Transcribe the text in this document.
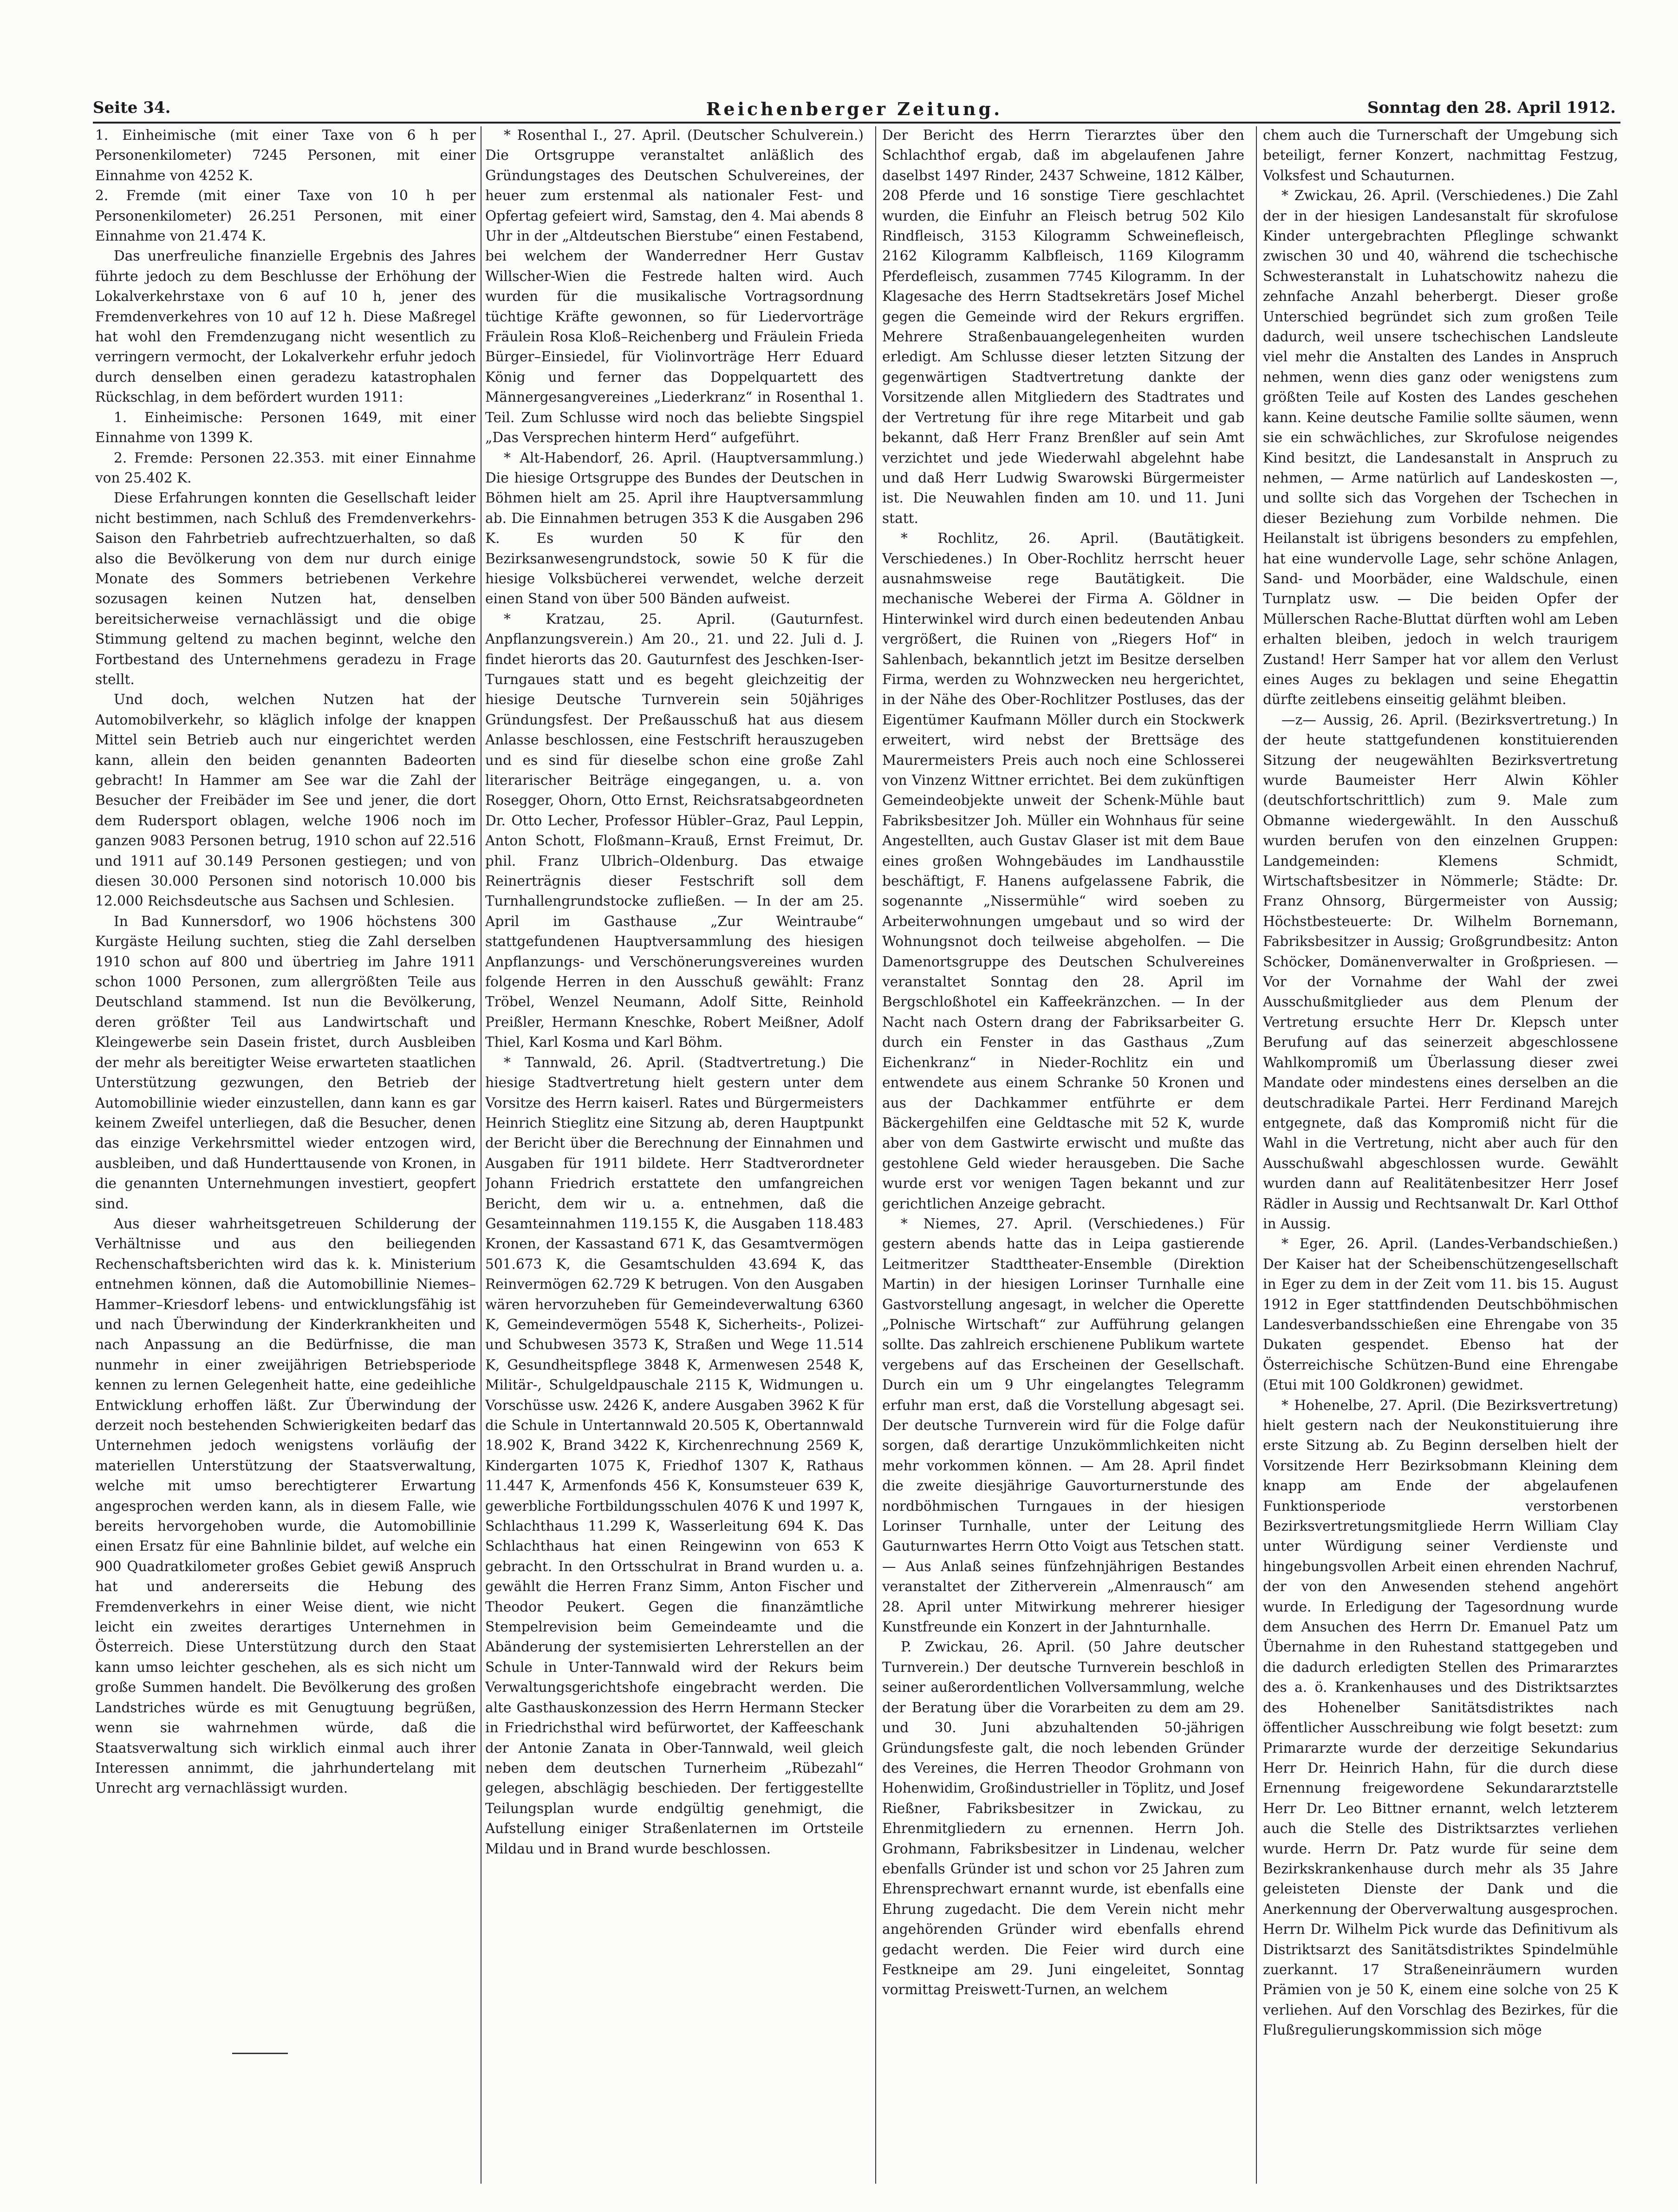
Seite 34.	Reichenberger Zeitung.	Sonntag den 28. April 1912.

1. Einheimische (mit einer Taxe von 6 h per Personenkilometer) 7245 Personen, mit einer Einnahme von 4252 K.

2. Fremde (mit einer Taxe von 10 h per Personenkilometer) 26.251 Personen, mit einer Einnahme von 21.474 K.

Das unerfreuliche finanzielle Ergebnis des Jahres führte jedoch zu dem Beschlusse der Erhöhung der Lokalverkehrstaxe von 6 auf 10 h, jener des Fremdenverkehres von 10 auf 12 h. Diese Maßregel hat wohl den Fremdenzugang nicht wesentlich zu verringern vermocht, der Lokalverkehr erfuhr jedoch durch denselben einen geradezu katastrophalen Rückschlag, in dem befördert wurden 1911:

1. Einheimische: Personen 1649, mit einer Einnahme von 1399 K.

2. Fremde: Personen 22.353. mit einer Einnahme von 25.402 K.

Diese Erfahrungen konnten die Gesellschaft leider nicht bestimmen, nach Schluß des Fremdenverkehrs-Saison den Fahrbetrieb aufrechtzuerhalten, so daß also die Bevölkerung von dem nur durch einige Monate des Sommers betriebenen Verkehre sozusagen keinen Nutzen hat, denselben bereitsicherweise vernachlässigt und die obige Stimmung geltend zu machen beginnt, welche den Fortbestand des Unternehmens geradezu in Frage stellt.

Und doch, welchen Nutzen hat der Automobilverkehr, so kläglich infolge der knappen Mittel sein Betrieb auch nur eingerichtet werden kann, allein den beiden genannten Badeorten gebracht! In Hammer am See war die Zahl der Besucher der Freibäder im See und jener, die dort dem Rudersport oblagen, welche 1906 noch im ganzen 9083 Personen betrug, 1910 schon auf 22.516 und 1911 auf 30.149 Personen gestiegen; und von diesen 30.000 Personen sind notorisch 10.000 bis 12.000 Reichsdeutsche aus Sachsen und Schlesien.

In Bad Kunnersdorf, wo 1906 höchstens 300 Kurgäste Heilung suchten, stieg die Zahl derselben 1910 schon auf 800 und übertrieg im Jahre 1911 schon 1000 Personen, zum allergrößten Teile aus Deutschland stammend. Ist nun die Bevölkerung, deren größter Teil aus Landwirtschaft und Kleingewerbe sein Dasein fristet, durch Ausbleiben der mehr als bereitigter Weise erwarteten staatlichen Unterstützung gezwungen, den Betrieb der Automobillinie wieder einzustellen, dann kann es gar keinem Zweifel unterliegen, daß die Besucher, denen das einzige Verkehrsmittel wieder entzogen wird, ausbleiben, und daß Hunderttausende von Kronen, in die genannten Unternehmungen investiert, geopfert sind.

Aus dieser wahrheitsgetreuen Schilderung der Verhältnisse und aus den beiliegenden Rechenschaftsberichten wird das k. k. Ministerium entnehmen können, daß die Automobillinie Niemes–Hammer–Kriesdorf lebens- und entwicklungsfähig ist und nach Überwindung der Kinderkrankheiten und nach Anpassung an die Bedürfnisse, die man nunmehr in einer zweijährigen Betriebsperiode kennen zu lernen Gelegenheit hatte, eine gedeihliche Entwicklung erhoffen läßt. Zur Überwindung der derzeit noch bestehenden Schwierigkeiten bedarf das Unternehmen jedoch wenigstens vorläufig der materiellen Unterstützung der Staatsverwaltung, welche mit umso berechtigterer Erwartung angesprochen werden kann, als in diesem Falle, wie bereits hervorgehoben wurde, die Automobillinie einen Ersatz für eine Bahnlinie bildet, auf welche ein 900 Quadratkilometer großes Gebiet gewiß Anspruch hat und andererseits die Hebung des Fremdenverkehrs in einer Weise dient, wie nicht leicht ein zweites derartiges Unternehmen in Österreich. Diese Unterstützung durch den Staat kann umso leichter geschehen, als es sich nicht um große Summen handelt. Die Bevölkerung des großen Landstriches würde es mit Genugtuung begrüßen, wenn sie wahrnehmen würde, daß die Staatsverwaltung sich wirklich einmal auch ihrer Interessen annimmt, die jahrhundertelang mit Unrecht arg vernachlässigt wurden.

* Rosenthal I., 27. April. (Deutscher Schulverein.) Die Ortsgruppe veranstaltet anläßlich des Gründungstages des Deutschen Schulvereines, der heuer zum erstenmal als nationaler Fest- und Opfertag gefeiert wird, Samstag, den 4. Mai abends 8 Uhr in der „Altdeutschen Bierstube“ einen Festabend, bei welchem der Wanderredner Herr Gustav Willscher-Wien die Festrede halten wird. Auch wurden für die musikalische Vortragsordnung tüchtige Kräfte gewonnen, so für Liedervorträge Fräulein Rosa Kloß–Reichenberg und Fräulein Frieda Bürger–Einsiedel, für Violinvorträge Herr Eduard König und ferner das Doppelquartett des Männergesangvereines „Liederkranz“ in Rosenthal 1. Teil. Zum Schlusse wird noch das beliebte Singspiel „Das Versprechen hinterm Herd“ aufgeführt.

* Alt-Habendorf, 26. April. (Hauptversammlung.) Die hiesige Ortsgruppe des Bundes der Deutschen in Böhmen hielt am 25. April ihre Hauptversammlung ab. Die Einnahmen betrugen 353 K die Ausgaben 296 K. Es wurden 50 K für den Bezirksanwesengrundstock, sowie 50 K für die hiesige Volksbücherei verwendet, welche derzeit einen Stand von über 500 Bänden aufweist.

* Kratzau, 25. April. (Gauturnfest. Anpflanzungsverein.) Am 20., 21. und 22. Juli d. J. findet hierorts das 20. Gauturnfest des Jeschken-Iser-Turngaues statt und es begeht gleichzeitig der hiesige Deutsche Turnverein sein 50jähriges Gründungsfest. Der Preßausschuß hat aus diesem Anlasse beschlossen, eine Festschrift herauszugeben und es sind für dieselbe schon eine große Zahl literarischer Beiträge eingegangen, u. a. von Rosegger, Ohorn, Otto Ernst, Reichsratsabgeordneten Dr. Otto Lecher, Professor Hübler–Graz, Paul Leppin, Anton Schott, Floßmann–Krauß, Ernst Freimut, Dr. phil. Franz Ulbrich–Oldenburg. Das etwaige Reinerträgnis dieser Festschrift soll dem Turnhallengrundstocke zufließen. — In der am 25. April im Gasthause „Zur Weintraube“ stattgefundenen Hauptversammlung des hiesigen Anpflanzungs- und Verschönerungsvereines wurden folgende Herren in den Ausschuß gewählt: Franz Tröbel, Wenzel Neumann, Adolf Sitte, Reinhold Preißler, Hermann Kneschke, Robert Meißner, Adolf Thiel, Karl Kosma und Karl Böhm.

* Tannwald, 26. April. (Stadtvertretung.) Die hiesige Stadtvertretung hielt gestern unter dem Vorsitze des Herrn kaiserl. Rates und Bürgermeisters Heinrich Stieglitz eine Sitzung ab, deren Hauptpunkt der Bericht über die Berechnung der Einnahmen und Ausgaben für 1911 bildete. Herr Stadtverordneter Johann Friedrich erstattete den umfangreichen Bericht, dem wir u. a. entnehmen, daß die Gesamteinnahmen 119.155 K, die Ausgaben 118.483 Kronen, der Kassastand 671 K, das Gesamtvermögen 501.673 K, die Gesamtschulden 43.694 K, das Reinvermögen 62.729 K betrugen. Von den Ausgaben wären hervorzuheben für Gemeindeverwaltung 6360 K, Gemeindevermögen 5548 K, Sicherheits-, Polizei- und Schubwesen 3573 K, Straßen und Wege 11.514 K, Gesundheitspflege 3848 K, Armenwesen 2548 K, Militär-, Schulgeldpauschale 2115 K, Widmungen u. Vorschüsse usw. 2426 K, andere Ausgaben 3962 K für die Schule in Untertannwald 20.505 K, Obertannwald 18.902 K, Brand 3422 K, Kirchenrechnung 2569 K, Kindergarten 1075 K, Friedhof 1307 K, Rathaus 11.447 K, Armenfonds 456 K, Konsumsteuer 639 K, gewerbliche Fortbildungsschulen 4076 K und 1997 K, Schlachthaus 11.299 K, Wasserleitung 694 K. Das Schlachthaus hat einen Reingewinn von 653 K gebracht. In den Ortsschulrat in Brand wurden u. a. gewählt die Herren Franz Simm, Anton Fischer und Theodor Peukert. Gegen die finanzämtliche Stempelrevision beim Gemeindeamte und die Abänderung der systemisierten Lehrerstellen an der Schule in Unter-Tannwald wird der Rekurs beim Verwaltungsgerichtshofe eingebracht werden. Die alte Gasthauskonzession des Herrn Hermann Stecker in Friedrichsthal wird befürwortet, der Kaffeeschank der Antonie Zanata in Ober-Tannwald, weil gleich neben dem deutschen Turnerheim „Rübezahl“ gelegen, abschlägig beschieden. Der fertiggestellte Teilungsplan wurde endgültig genehmigt, die Aufstellung einiger Straßenlaternen im Ortsteile Mildau und in Brand wurde beschlossen.

Der Bericht des Herrn Tierarztes über den Schlachthof ergab, daß im abgelaufenen Jahre daselbst 1497 Rinder, 2437 Schweine, 1812 Kälber, 208 Pferde und 16 sonstige Tiere geschlachtet wurden, die Einfuhr an Fleisch betrug 502 Kilo Rindfleisch, 3153 Kilogramm Schweinefleisch, 2162 Kilogramm Kalbfleisch, 1169 Kilogramm Pferdefleisch, zusammen 7745 Kilogramm. In der Klagesache des Herrn Stadtsekretärs Josef Michel gegen die Gemeinde wird der Rekurs ergriffen. Mehrere Straßenbauangelegenheiten wurden erledigt. Am Schlusse dieser letzten Sitzung der gegenwärtigen Stadtvertretung dankte der Vorsitzende allen Mitgliedern des Stadtrates und der Vertretung für ihre rege Mitarbeit und gab bekannt, daß Herr Franz Brenßler auf sein Amt verzichtet und jede Wiederwahl abgelehnt habe und daß Herr Ludwig Swarowski Bürgermeister ist. Die Neuwahlen finden am 10. und 11. Juni statt.

* Rochlitz, 26. April. (Bautätigkeit. Verschiedenes.) In Ober-Rochlitz herrscht heuer ausnahmsweise rege Bautätigkeit. Die mechanische Weberei der Firma A. Göldner in Hinterwinkel wird durch einen bedeutenden Anbau vergrößert, die Ruinen von „Riegers Hof“ in Sahlenbach, bekanntlich jetzt im Besitze derselben Firma, werden zu Wohnzwecken neu hergerichtet, in der Nähe des Ober-Rochlitzer Postluses, das der Eigentümer Kaufmann Möller durch ein Stockwerk erweitert, wird nebst der Brettsäge des Maurermeisters Preis auch noch eine Schlosserei von Vinzenz Wittner errichtet. Bei dem zukünftigen Gemeindeobjekte unweit der Schenk-Mühle baut Fabriksbesitzer Joh. Müller ein Wohnhaus für seine Angestellten, auch Gustav Glaser ist mit dem Baue eines großen Wohngebäudes im Landhausstile beschäftigt, F. Hanens aufgelassene Fabrik, die sogenannte „Nissermühle“ wird soeben zu Arbeiterwohnungen umgebaut und so wird der Wohnungsnot doch teilweise abgeholfen. — Die Damenortsgruppe des Deutschen Schulvereines veranstaltet Sonntag den 28. April im Bergschloßhotel ein Kaffeekränzchen. — In der Nacht nach Ostern drang der Fabriksarbeiter G. durch ein Fenster in das Gasthaus „Zum Eichenkranz“ in Nieder-Rochlitz ein und entwendete aus einem Schranke 50 Kronen und aus der Dachkammer entführte er dem Bäckergehilfen eine Geldtasche mit 52 K, wurde aber von dem Gastwirte erwischt und mußte das gestohlene Geld wieder herausgeben. Die Sache wurde erst vor wenigen Tagen bekannt und zur gerichtlichen Anzeige gebracht.

* Niemes, 27. April. (Verschiedenes.) Für gestern abends hatte das in Leipa gastierende Leitmeritzer Stadttheater-Ensemble (Direktion Martin) in der hiesigen Lorinser Turnhalle eine Gastvorstellung angesagt, in welcher die Operette „Polnische Wirtschaft“ zur Aufführung gelangen sollte. Das zahlreich erschienene Publikum wartete vergebens auf das Erscheinen der Gesellschaft. Durch ein um 9 Uhr eingelangtes Telegramm erfuhr man erst, daß die Vorstellung abgesagt sei. Der deutsche Turnverein wird für die Folge dafür sorgen, daß derartige Unzukömmlichkeiten nicht mehr vorkommen können. — Am 28. April findet die zweite diesjährige Gauvorturnerstunde des nordböhmischen Turngaues in der hiesigen Lorinser Turnhalle, unter der Leitung des Gauturnwartes Herrn Otto Voigt aus Tetschen statt. — Aus Anlaß seines fünfzehnjährigen Bestandes veranstaltet der Zitherverein „Almenrausch“ am 28. April unter Mitwirkung mehrerer hiesiger Kunstfreunde ein Konzert in der Jahnturnhalle.

P. Zwickau, 26. April. (50 Jahre deutscher Turnverein.) Der deutsche Turnverein beschloß in seiner außerordentlichen Vollversammlung, welche der Beratung über die Vorarbeiten zu dem am 29. und 30. Juni abzuhaltenden 50-jährigen Gründungsfeste galt, die noch lebenden Gründer des Vereines, die Herren Theodor Grohmann von Hohenwidim, Großindustrieller in Töplitz, und Josef Rießner, Fabriksbesitzer in Zwickau, zu Ehrenmitgliedern zu ernennen. Herrn Joh. Grohmann, Fabriksbesitzer in Lindenau, welcher ebenfalls Gründer ist und schon vor 25 Jahren zum Ehrensprechwart ernannt wurde, ist ebenfalls eine Ehrung zugedacht. Die dem Verein nicht mehr angehörenden Gründer wird ebenfalls ehrend gedacht werden. Die Feier wird durch eine Festkneipe am 29. Juni eingeleitet, Sonntag vormittag Preiswett-Turnen, an welchem

chem auch die Turnerschaft der Umgebung sich beteiligt, ferner Konzert, nachmittag Festzug, Volksfest und Schauturnen.

* Zwickau, 26. April. (Verschiedenes.) Die Zahl der in der hiesigen Landesanstalt für skrofulose Kinder untergebrachten Pfleglinge schwankt zwischen 30 und 40, während die tschechische Schwesteranstalt in Luhatschowitz nahezu die zehnfache Anzahl beherbergt. Dieser große Unterschied begründet sich zum großen Teile dadurch, weil unsere tschechischen Landsleute viel mehr die Anstalten des Landes in Anspruch nehmen, wenn dies ganz oder wenigstens zum größten Teile auf Kosten des Landes geschehen kann. Keine deutsche Familie sollte säumen, wenn sie ein schwächliches, zur Skrofulose neigendes Kind besitzt, die Landesanstalt in Anspruch zu nehmen, — Arme natürlich auf Landeskosten —, und sollte sich das Vorgehen der Tschechen in dieser Beziehung zum Vorbilde nehmen. Die Heilanstalt ist übrigens besonders zu empfehlen, hat eine wundervolle Lage, sehr schöne Anlagen, Sand- und Moorbäder, eine Waldschule, einen Turnplatz usw. — Die beiden Opfer der Müllerschen Rache-Bluttat dürften wohl am Leben erhalten bleiben, jedoch in welch traurigem Zustand! Herr Samper hat vor allem den Verlust eines Auges zu beklagen und seine Ehegattin dürfte zeitlebens einseitig gelähmt bleiben.

—z— Aussig, 26. April. (Bezirksvertretung.) In der heute stattgefundenen konstituierenden Sitzung der neugewählten Bezirksvertretung wurde Baumeister Herr Alwin Köhler (deutschfortschrittlich) zum 9. Male zum Obmanne wiedergewählt. In den Ausschuß wurden berufen von den einzelnen Gruppen: Landgemeinden: Klemens Schmidt, Wirtschaftsbesitzer in Nömmerle; Städte: Dr. Franz Ohnsorg, Bürgermeister von Aussig; Höchstbesteuerte: Dr. Wilhelm Bornemann, Fabriksbesitzer in Aussig; Großgrundbesitz: Anton Schöcker, Domänenverwalter in Großpriesen. — Vor der Vornahme der Wahl der zwei Ausschußmitglieder aus dem Plenum der Vertretung ersuchte Herr Dr. Klepsch unter Berufung auf das seinerzeit abgeschlossene Wahlkompromiß um Überlassung dieser zwei Mandate oder mindestens eines derselben an die deutschradikale Partei. Herr Ferdinand Marejch entgegnete, daß das Kompromiß nicht für die Wahl in die Vertretung, nicht aber auch für den Ausschußwahl abgeschlossen wurde. Gewählt wurden dann auf Realitätenbesitzer Herr Josef Rädler in Aussig und Rechtsanwalt Dr. Karl Otthof in Aussig.

* Eger, 26. April. (Landes-Verbandschießen.) Der Kaiser hat der Scheibenschützengesellschaft in Eger zu dem in der Zeit vom 11. bis 15. August 1912 in Eger stattfindenden Deutschböhmischen Landesverbandsschießen eine Ehrengabe von 35 Dukaten gespendet. Ebenso hat der Österreichische Schützen-Bund eine Ehrengabe (Etui mit 100 Goldkronen) gewidmet.

* Hohenelbe, 27. April. (Die Bezirksvertretung) hielt gestern nach der Neukonstituierung ihre erste Sitzung ab. Zu Beginn derselben hielt der Vorsitzende Herr Bezirksobmann Kleining dem knapp am Ende der abgelaufenen Funktionsperiode verstorbenen Bezirksvertretungsmitgliede Herrn William Clay unter Würdigung seiner Verdienste und hingebungsvollen Arbeit einen ehrenden Nachruf, der von den Anwesenden stehend angehört wurde. In Erledigung der Tagesordnung wurde dem Ansuchen des Herrn Dr. Emanuel Patz um Übernahme in den Ruhestand stattgegeben und die dadurch erledigten Stellen des Primararztes des a. ö. Krankenhauses und des Distriktsarztes des Hohenelber Sanitätsdistriktes nach öffentlicher Ausschreibung wie folgt besetzt: zum Primararzte wurde der derzeitige Sekundarius Herr Dr. Heinrich Hahn, für die durch diese Ernennung freigewordene Sekundararztstelle Herr Dr. Leo Bittner ernannt, welch letzterem auch die Stelle des Distriktsarztes verliehen wurde. Herrn Dr. Patz wurde für seine dem Bezirkskrankenhause durch mehr als 35 Jahre geleisteten Dienste der Dank und die Anerkennung der Oberverwaltung ausgesprochen. Herrn Dr. Wilhelm Pick wurde das Definitivum als Distriktsarzt des Sanitätsdistriktes Spindelmühle zuerkannt. 17 Straßeneinräumern wurden Prämien von je 50 K, einem eine solche von 25 K verliehen. Auf den Vorschlag des Bezirkes, für die Flußregulierungskommission sich möge
